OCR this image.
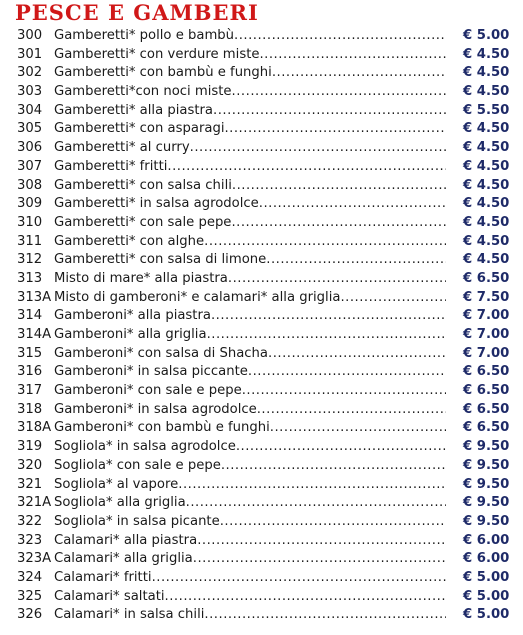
PESCE E GAMBERI
300 Gamberetti* pollo e bambù .....	€ 5.00
301 Gamberetti* con verdure miste .....	€ 4.50
302 Gamberetti* con bambù e funghi .....	€ 4.50
303 Gamberetti*con noci miste .....	€ 4.50
304 Gamberetti* alla piastra .....	€ 5.50
305 Gamberetti* con asparagi .....	€ 4.50
306 Gamberetti* al curry .....	€ 4.50
307 Gamberetti* fritti .....	€ 4.50
308 Gamberetti* con salsa chili .....	€ 4.50
309 Gamberetti* in salsa agrodolce .....	€ 4.50
310 Gamberetti* con sale pepe .....	€ 4.50
311 Gamberetti* con alghe .....	€ 4.50
312 Gamberetti* con salsa di limone .....	€ 4.50
313 Misto di mare* alla piastra .....	€ 6.50
313A Misto di gamberoni* e calamari* alla griglia .....	€ 7.50
314 Gamberoni* alla piastra .....	€ 7.00
314A Gamberoni* alla griglia .....	€ 7.00
315 Gamberoni* con salsa di Shacha .....	€ 7.00
316 Gamberoni* in salsa piccante .....	€ 6.50
317 Gamberoni* con sale e pepe .....	€ 6.50
318 Gamberoni* in salsa agrodolce .....	€ 6.50
318A Gamberoni* con bambù e funghi .....	€ 6.50
319 Sogliola* in salsa agrodolce .....	€ 9.50
320 Sogliola* con sale e pepe .....	€ 9.50
321 Sogliola* al vapore .....	€ 9.50
321A Sogliola* alla griglia .....	€ 9.50
322 Sogliola* in salsa picante .....	€ 9.50
323 Calamari* alla piastra .....	€ 6.00
323A Calamari* alla griglia .....	€ 6.00
324 Calamari* fritti .....	€ 5.00
325 Calamari* saltati .....	€ 5.00
326 Calamari* in salsa chili .....	€ 5.00
